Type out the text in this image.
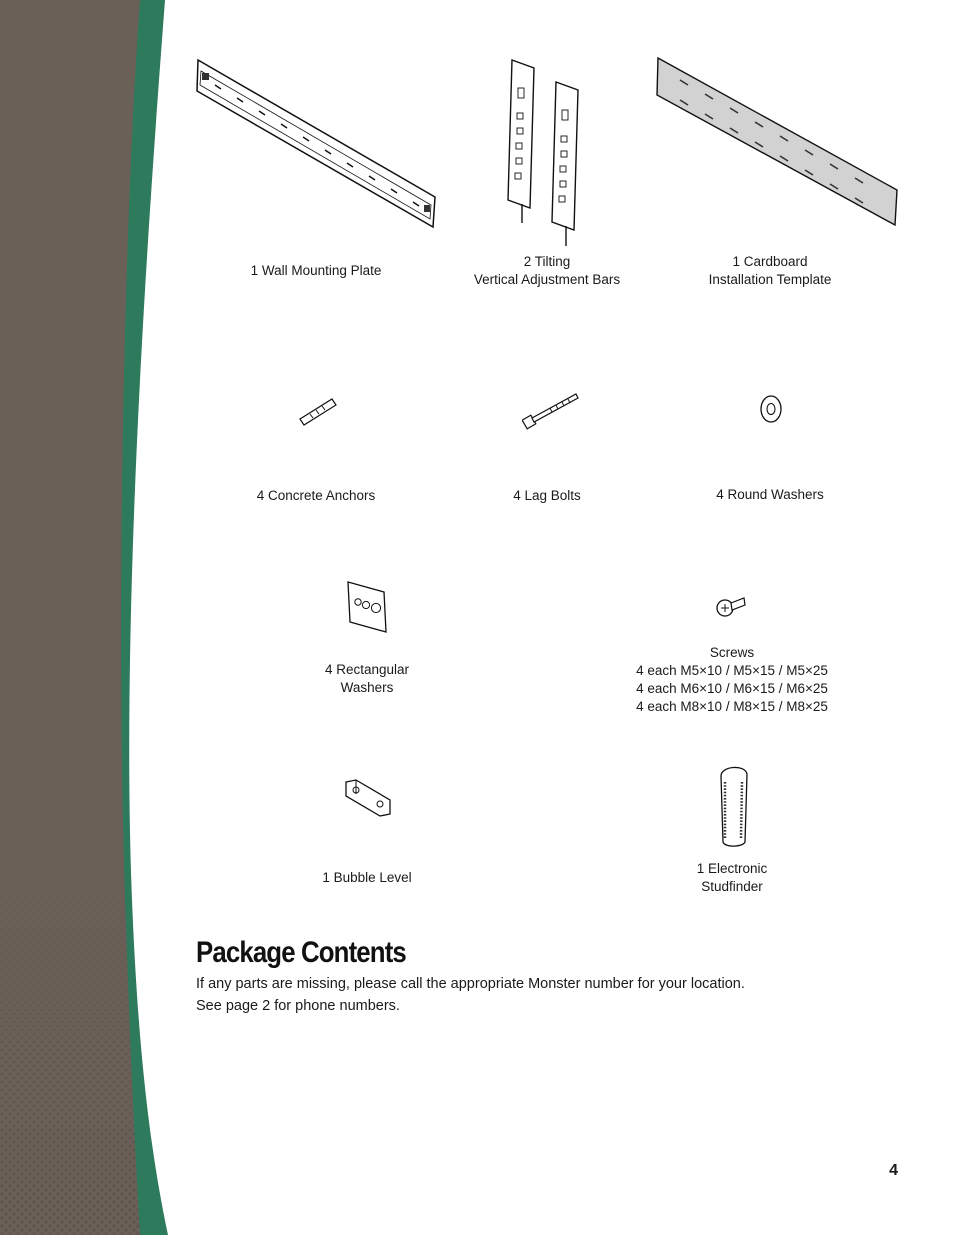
1 Wall Mounting Plate
2 Tilting
Vertical Adjustment Bars
1 Cardboard
Installation Template
4 Concrete Anchors	4 Lag Bolts	4 Round Washers
4 Rectangular
Washers
Screws
4 each M5×10 / M5×15 / M5×25
4 each M6×10 / M6×15 / M6×25
4 each M8×10 / M8×15 / M8×25
1 Bubble Level
1 Electronic
Studfinder
Package Contents
If any parts are missing, please call the appropriate Monster number for your location.
See page 2 for phone numbers.
4
